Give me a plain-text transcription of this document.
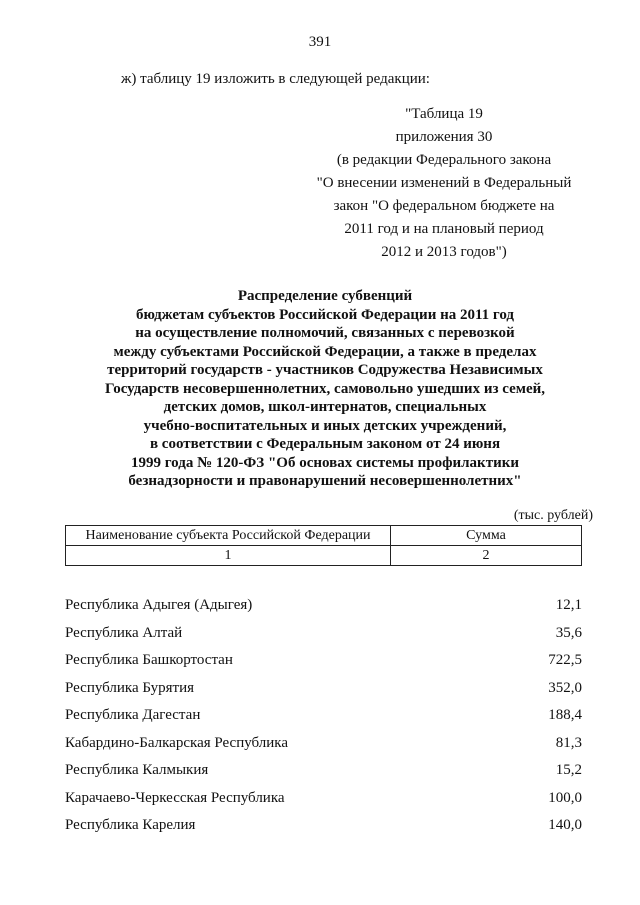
391
ж) таблицу 19 изложить в следующей редакции:
"Таблица 19
приложения 30
(в редакции Федерального закона
"О внесении изменений в Федеральный
закон "О федеральном бюджете на
2011 год и на плановый период
2012 и 2013 годов")
Распределение субвенций
бюджетам субъектов Российской Федерации на 2011 год
на осуществление полномочий, связанных с перевозкой
между субъектами Российской Федерации, а также в пределах
территорий государств - участников Содружества Независимых
Государств несовершеннолетних, самовольно ушедших из семей,
детских домов, школ-интернатов, специальных
учебно-воспитательных и иных детских учреждений,
в соответствии с Федеральным законом от 24 июня
1999 года № 120-ФЗ "Об основах системы профилактики
безнадзорности и правонарушений несовершеннолетних"
(тыс. рублей)
Наименование субъекта Российской Федерации	Сумма
1	2
Республика Адыгея (Адыгея)	12,1
Республика Алтай	35,6
Республика Башкортостан	722,5
Республика Бурятия	352,0
Республика Дагестан	188,4
Кабардино-Балкарская Республика	81,3
Республика Калмыкия	15,2
Карачаево-Черкесская Республика	100,0
Республика Карелия	140,0
